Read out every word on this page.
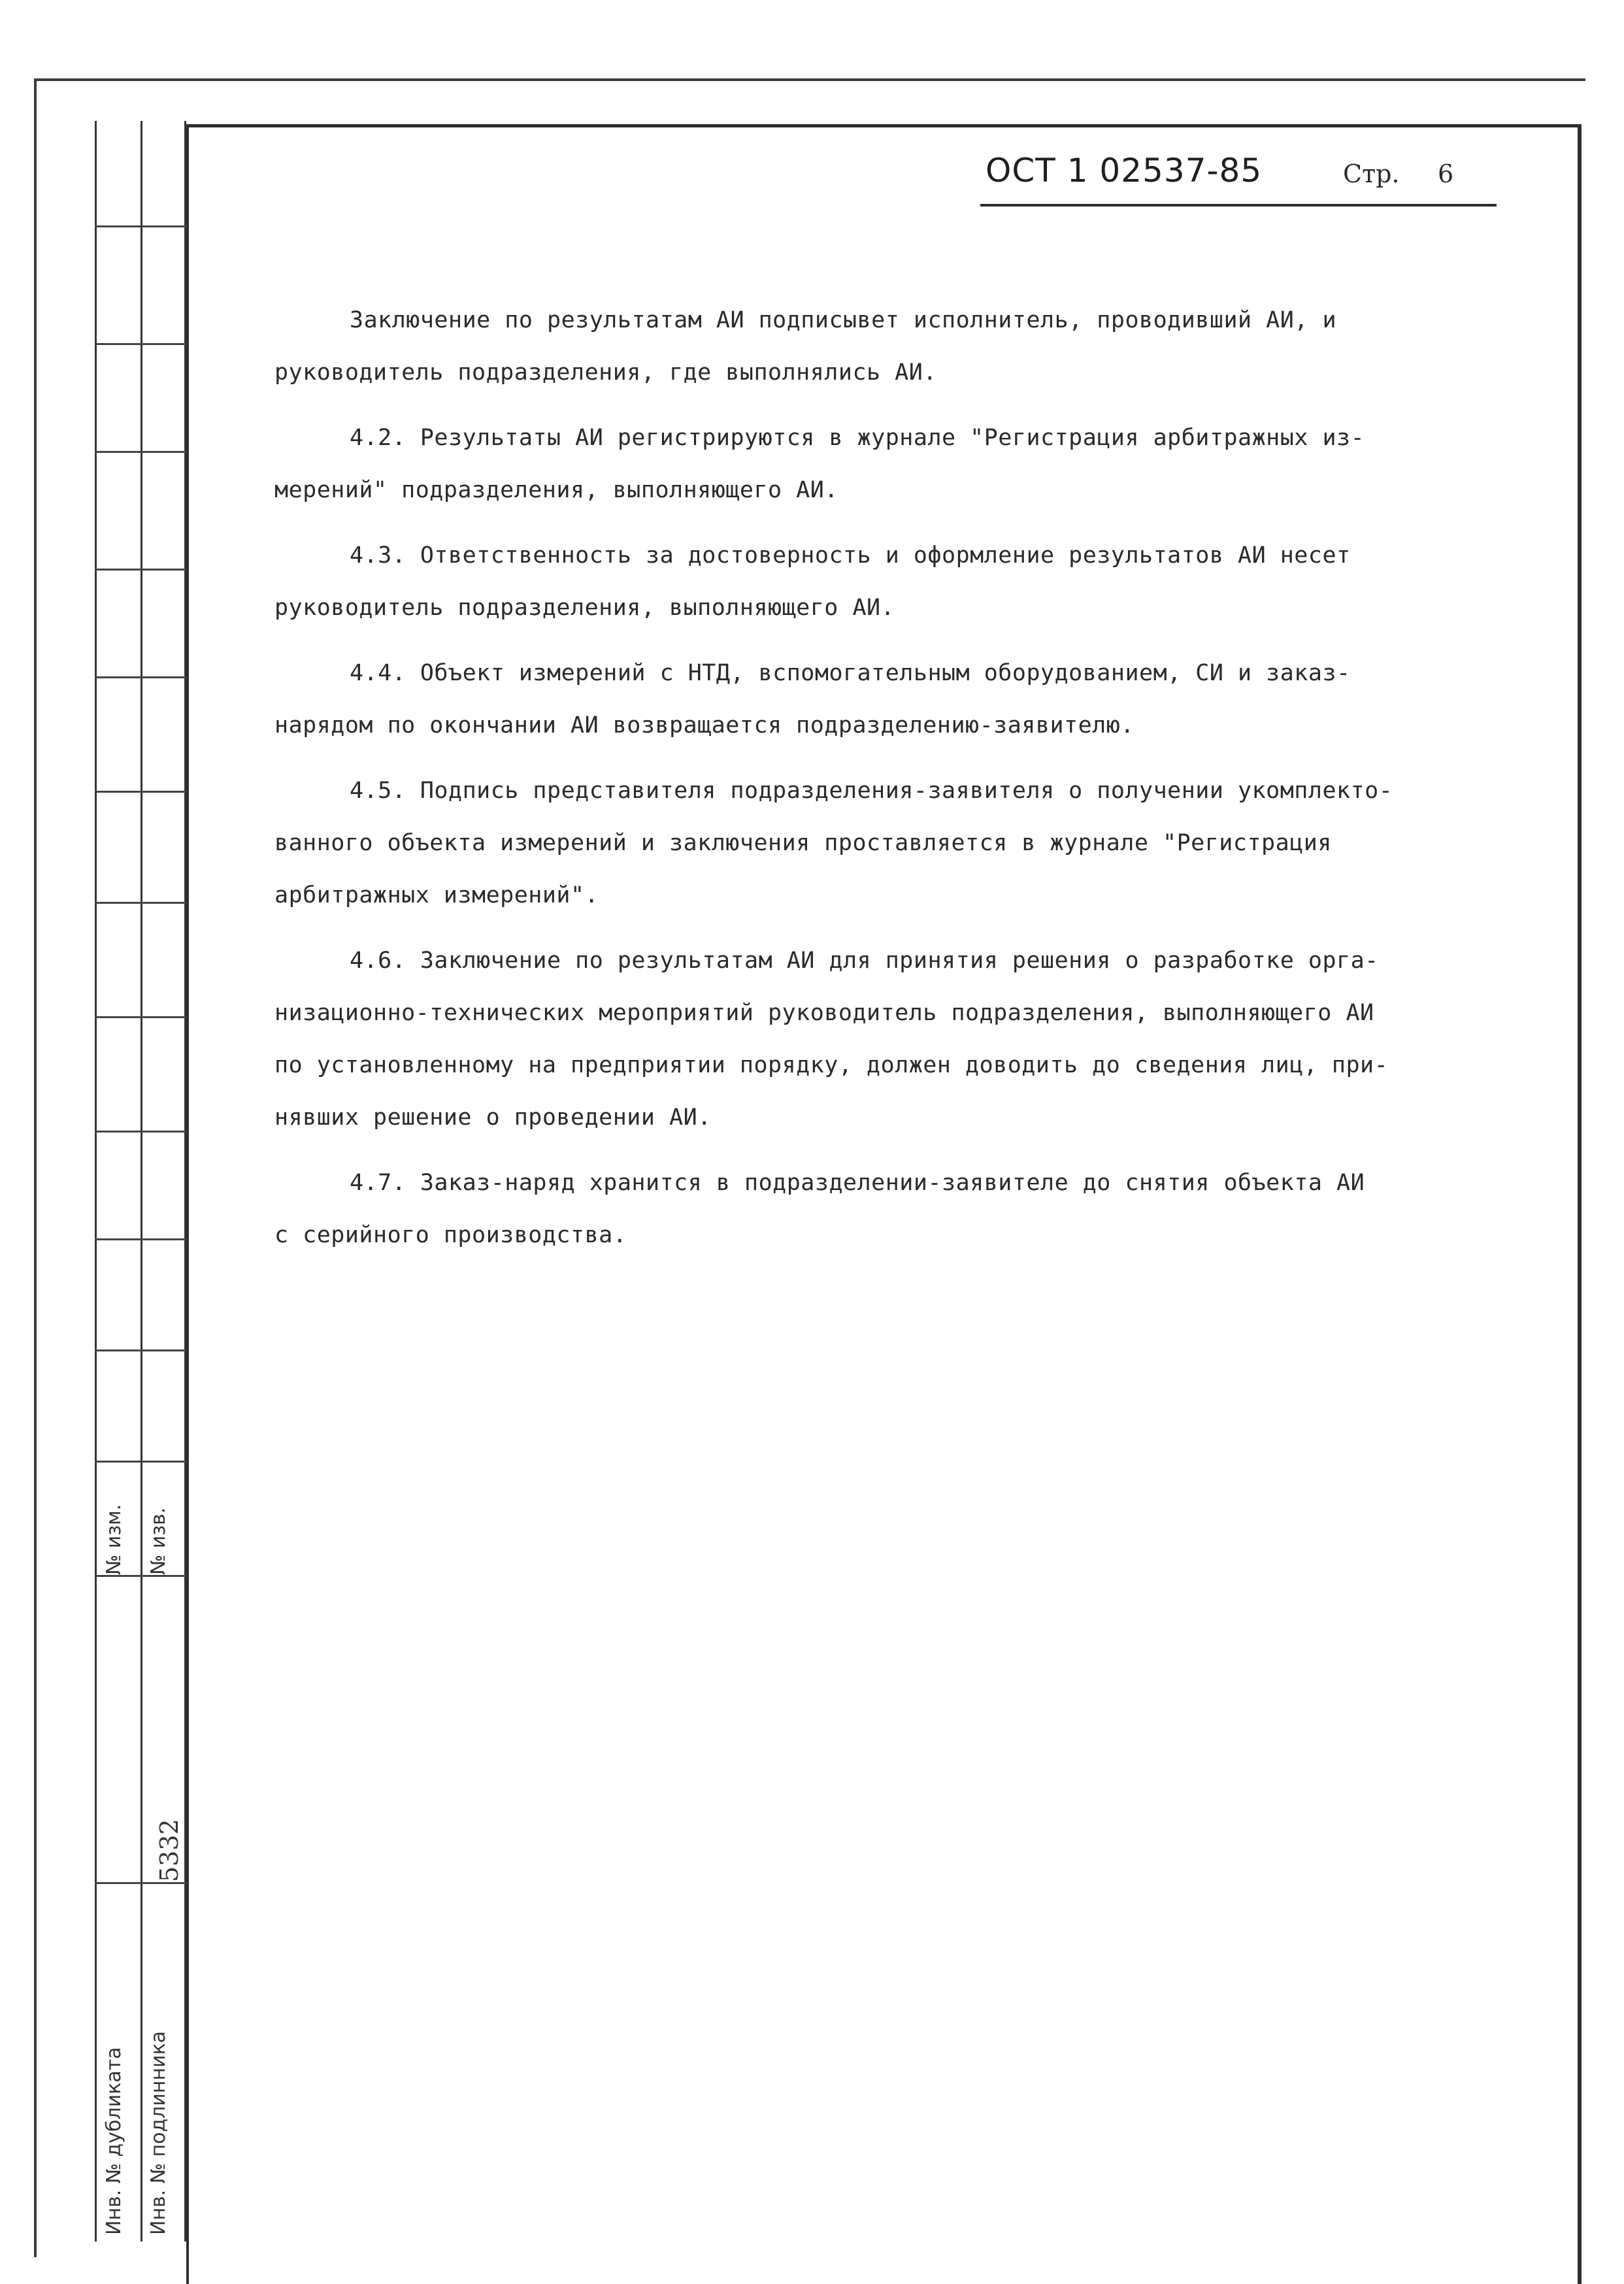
№ изм. № изв.
5332
Инв. № дубликата Инв. № подлинника
ОСТ 1 02537-85	Стр. 6
Заключение по результатам АИ подписывет исполнитель, проводивший АИ, и
руководитель подразделения, где выполнялись АИ.
4.2. Результаты АИ регистрируются в журнале "Регистрация арбитражных из-
мерений" подразделения, выполняющего АИ.
4.3. Ответственность за достоверность и оформление результатов АИ несет
руководитель подразделения, выполняющего АИ.
4.4. Объект измерений с НТД, вспомогательным оборудованием, СИ и заказ-
нарядом по окончании АИ возвращается подразделению-заявителю.
4.5. Подпись представителя подразделения-заявителя о получении укомплекто-
ванного объекта измерений и заключения проставляется в журнале "Регистрация
арбитражных измерений".
4.6. Заключение по результатам АИ для принятия решения о разработке орга-
низационно-технических мероприятий руководитель подразделения, выполняющего АИ
по установленному на предприятии порядку, должен доводить до сведения лиц, при-
нявших решение о проведении АИ.
4.7. Заказ-наряд хранится в подразделении-заявителе до снятия объекта АИ
с серийного производства.
